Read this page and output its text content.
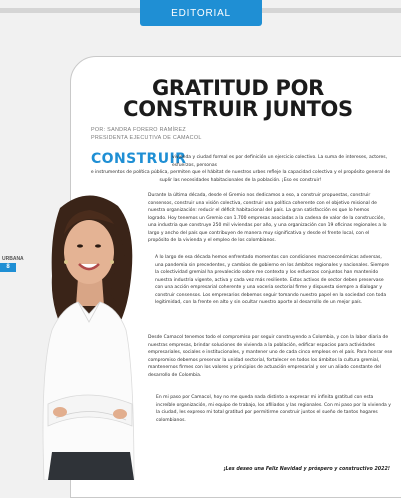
EDITORIAL
URBANA
8
GRATITUD POR
CONSTRUIR JUNTOS
POR: SANDRA FORERO RAMÍREZ
PRESIDENTA EJECUTIVA DE CAMACOL
CONSTRUIR
vivienda y ciudad formal es por definición un ejercicio colectivo. La suma de intereses, actores, esfuerzos, personas
e instrumentos de política pública, permiten que el hábitat de nuestros urbes refleje la capacidad colectiva y el propósito general de suplir las necesidades habitacionales de la población. ¡Eso es construir!
Durante la última década, desde el Gremio nos dedicamos a eso, a construir propuestas, construir consensos, construir una visión colectiva, construir una política coherente con el objetivo misional de nuestra organización: reducir el déficit habitacional del país. La gran satisfacción es que lo hemos logrado. Hoy tenemos un Gremio con 1.700 empresas asociadas a la cadena de valor de la construcción, una industria que construye 250 mil viviendas por año, y una organización con 19 oficinas regionales a lo largo y ancho del país que contribuyen de manera muy significativa y desde el frente local, con el propósito de la vivienda y el empleo de los colombianos.
A lo largo de esa década hemos enfrentado momentos con condiciones macroeconómicas adversas, una pandemia sin precedentes, y cambios de gobierno en los ámbitos regionales y nacionales. Siempre la colectividad gremial ha prevalecido sobre me contexto y los esfuerzos conjuntos han mantenido nuestra industria vigente, activa y cada vez más resiliente. Estos activos de sector deben preservase con una acción empresarial coherente y una voceria sectorial firme y dispuesta siempre a dialogar y construir consensos. Los empresarios debemos seguir tomando nuestro papel en la sociedad con toda legitimidad, con la frente en alto y sin ocultar nuestro aporte al desarrollo de un mejor país.
Desde Camacol tenemos todo el compromiso por seguir construyendo a Colombia, y con la labor diaria de nuestras empresas, brindar soluciones de vivienda a la población, edificar espacios para actividades empresariales, sociales e institucionales, y mantener uno de cada cinco empleos en el país. Para honrar ese compromiso debemos preservar la unidad sectorial, fortalecer en todos los ámbitos la cultura gremial, mantenernos firmes con los valores y principios de actuación empresarial y ser un aliado constante del desarrollo de Colombia.
En mi paso por Camacol, hoy no me queda nada distinto a expresar mi infinita gratitud con esta increíble organización, mi equipo de trabajo, los afiliados y las regionales. Con mi paso por la vivienda y la ciudad, les expreso mi total gratitud por permitirme construir juntos el sueño de tantos hogares colombianos.
¡Les deseo una Feliz Navidad y próspero y constructivo 2022!
